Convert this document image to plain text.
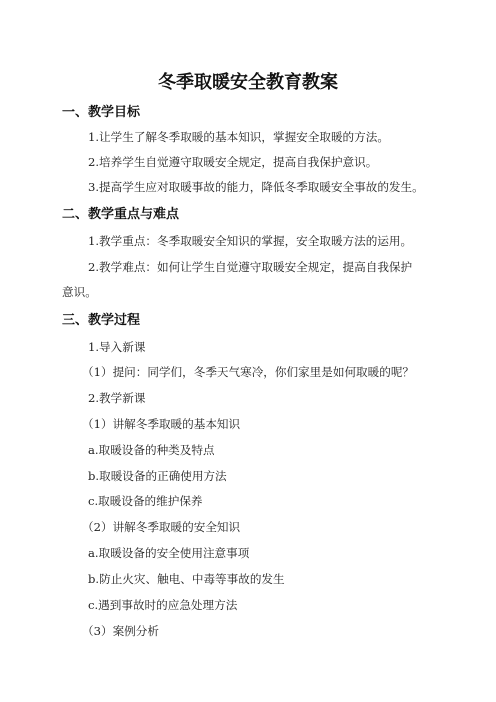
冬季取暖安全教育教案
一、教学目标
1.让学生了解冬季取暖的基本知识，掌握安全取暖的方法。
2.培养学生自觉遵守取暖安全规定，提高自我保护意识。
3.提高学生应对取暖事故的能力，降低冬季取暖安全事故的发生。
二、教学重点与难点
1.教学重点：冬季取暖安全知识的掌握，安全取暖方法的运用。
2.教学难点：如何让学生自觉遵守取暖安全规定，提高自我保护
意识。
三、教学过程
1.导入新课
（1）提问：同学们，冬季天气寒冷，你们家里是如何取暖的呢？
2.教学新课
（1）讲解冬季取暖的基本知识
a.取暖设备的种类及特点
b.取暖设备的正确使用方法
c.取暖设备的维护保养
（2）讲解冬季取暖的安全知识
a.取暖设备的安全使用注意事项
b.防止火灾、触电、中毒等事故的发生
c.遇到事故时的应急处理方法
（3）案例分析
